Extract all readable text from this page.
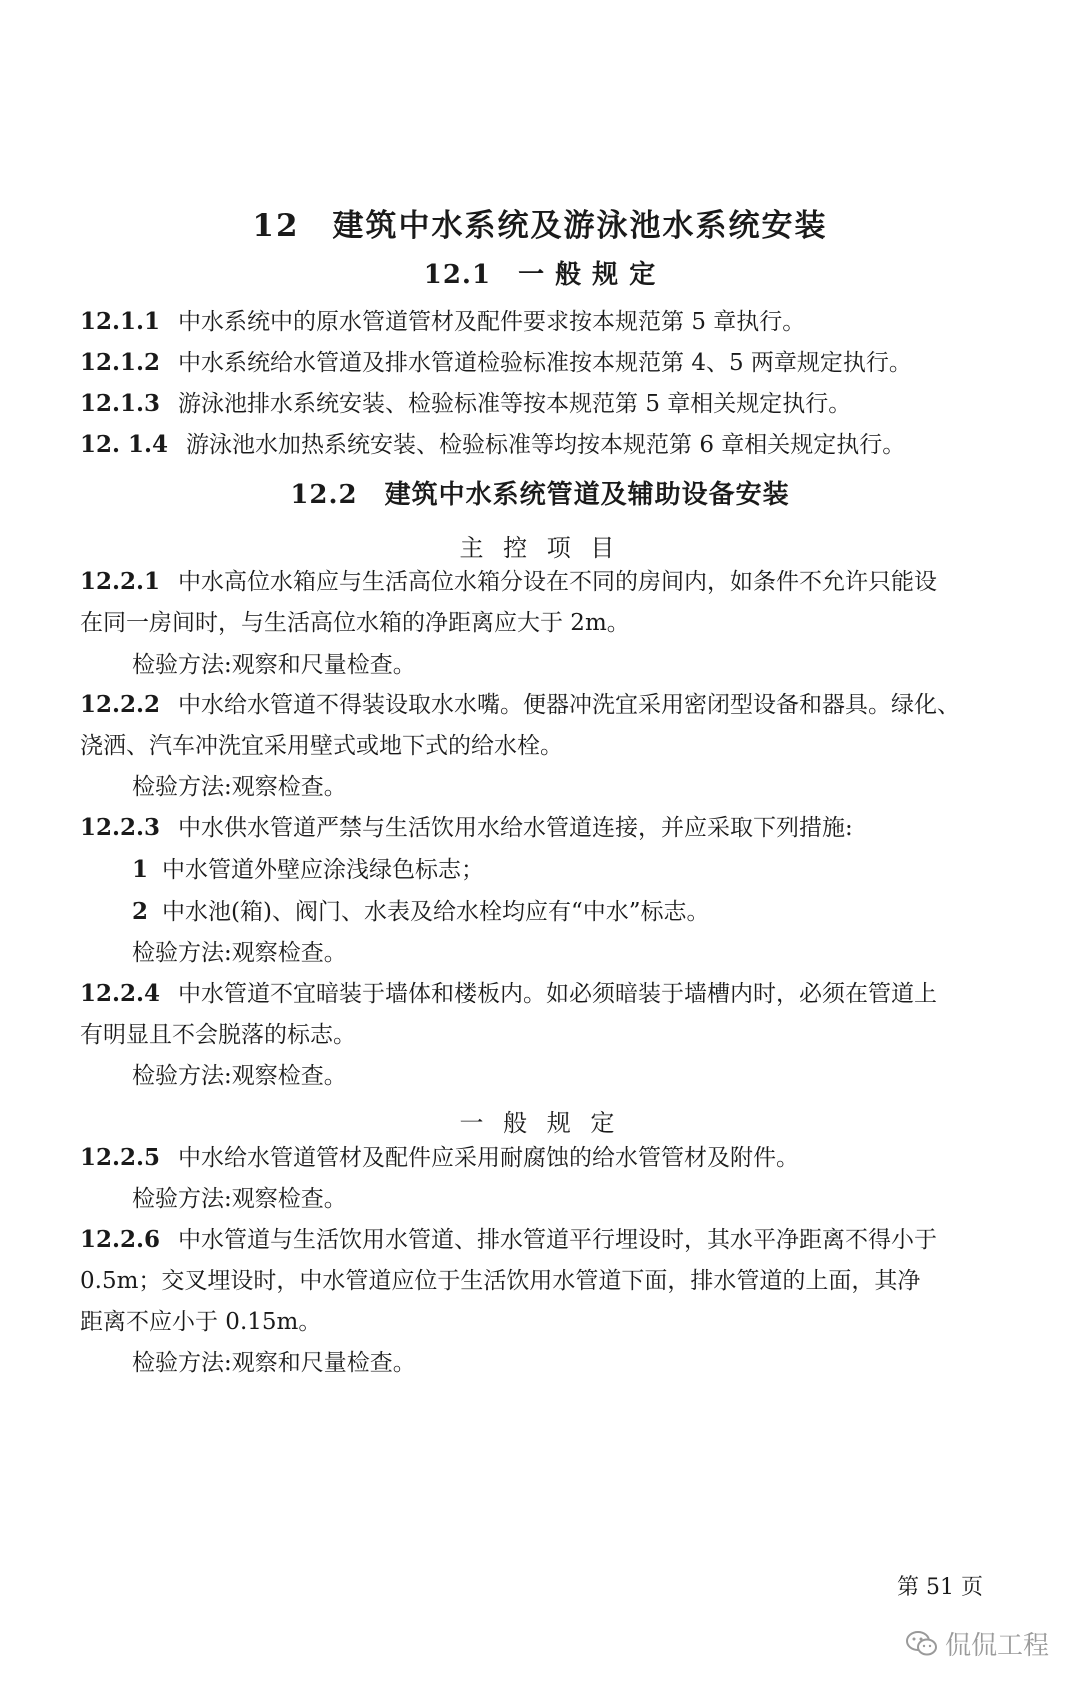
12　建筑中水系统及游泳池水系统安装
12.1　一 般 规 定
12.1.1 中水系统中的原水管道管材及配件要求按本规范第 5 章执行。
12.1.2 中水系统给水管道及排水管道检验标准按本规范第 4、5 两章规定执行。
12.1.3 游泳池排水系统安装、检验标准等按本规范第 5 章相关规定执行。
12. 1.4 游泳池水加热系统安装、检验标准等均按本规范第 6 章相关规定执行。
12.2　建筑中水系统管道及辅助设备安装
主 控 项 目
12.2.1 中水高位水箱应与生活高位水箱分设在不同的房间内，如条件不允许只能设
在同一房间时，与生活高位水箱的净距离应大于 2m。
检验方法:观察和尺量检查。
12.2.2 中水给水管道不得装设取水水嘴。便器冲洗宜采用密闭型设备和器具。绿化、
浇洒、汽车冲洗宜采用壁式或地下式的给水栓。
检验方法:观察检查。
12.2.3 中水供水管道严禁与生活饮用水给水管道连接，并应采取下列措施:
1 中水管道外壁应涂浅绿色标志；
2 中水池(箱)、阀门、水表及给水栓均应有“中水”标志。
检验方法:观察检查。
12.2.4 中水管道不宜暗装于墙体和楼板内。如必须暗装于墙槽内时，必须在管道上
有明显且不会脱落的标志。
检验方法:观察检查。
一 般 规 定
12.2.5 中水给水管道管材及配件应采用耐腐蚀的给水管管材及附件。
检验方法:观察检查。
12.2.6 中水管道与生活饮用水管道、排水管道平行埋设时，其水平净距离不得小于
0.5m；交叉埋设时，中水管道应位于生活饮用水管道下面，排水管道的上面，其净
距离不应小于 0.15m。
检验方法:观察和尺量检查。
第 51 页
侃侃工程
